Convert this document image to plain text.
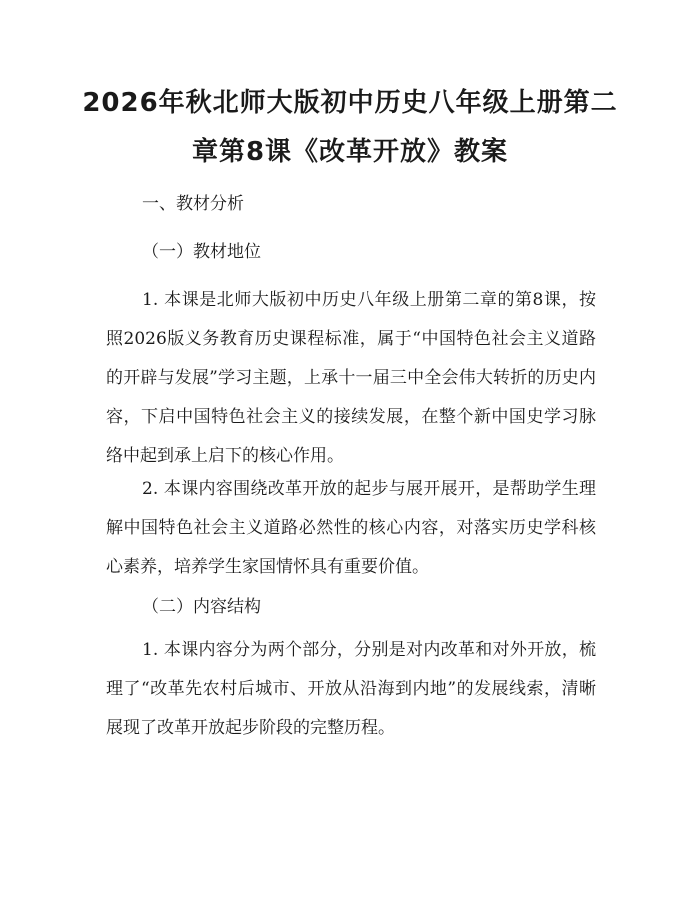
2026年秋北师大版初中历史八年级上册第二
章第8课《改革开放》教案

一、教材分析

（一）教材地位

1. 本课是北师大版初中历史八年级上册第二章的第8课，按照2026版义务教育历史课程标准，属于“中国特色社会主义道路的开辟与发展”学习主题，上承十一届三中全会伟大转折的历史内容，下启中国特色社会主义的接续发展，在整个新中国史学习脉络中起到承上启下的核心作用。

2. 本课内容围绕改革开放的起步与展开展开，是帮助学生理解中国特色社会主义道路必然性的核心内容，对落实历史学科核心素养，培养学生家国情怀具有重要价值。

（二）内容结构

1. 本课内容分为两个部分，分别是对内改革和对外开放，梳理了“改革先农村后城市、开放从沿海到内地”的发展线索，清晰展现了改革开放起步阶段的完整历程。
